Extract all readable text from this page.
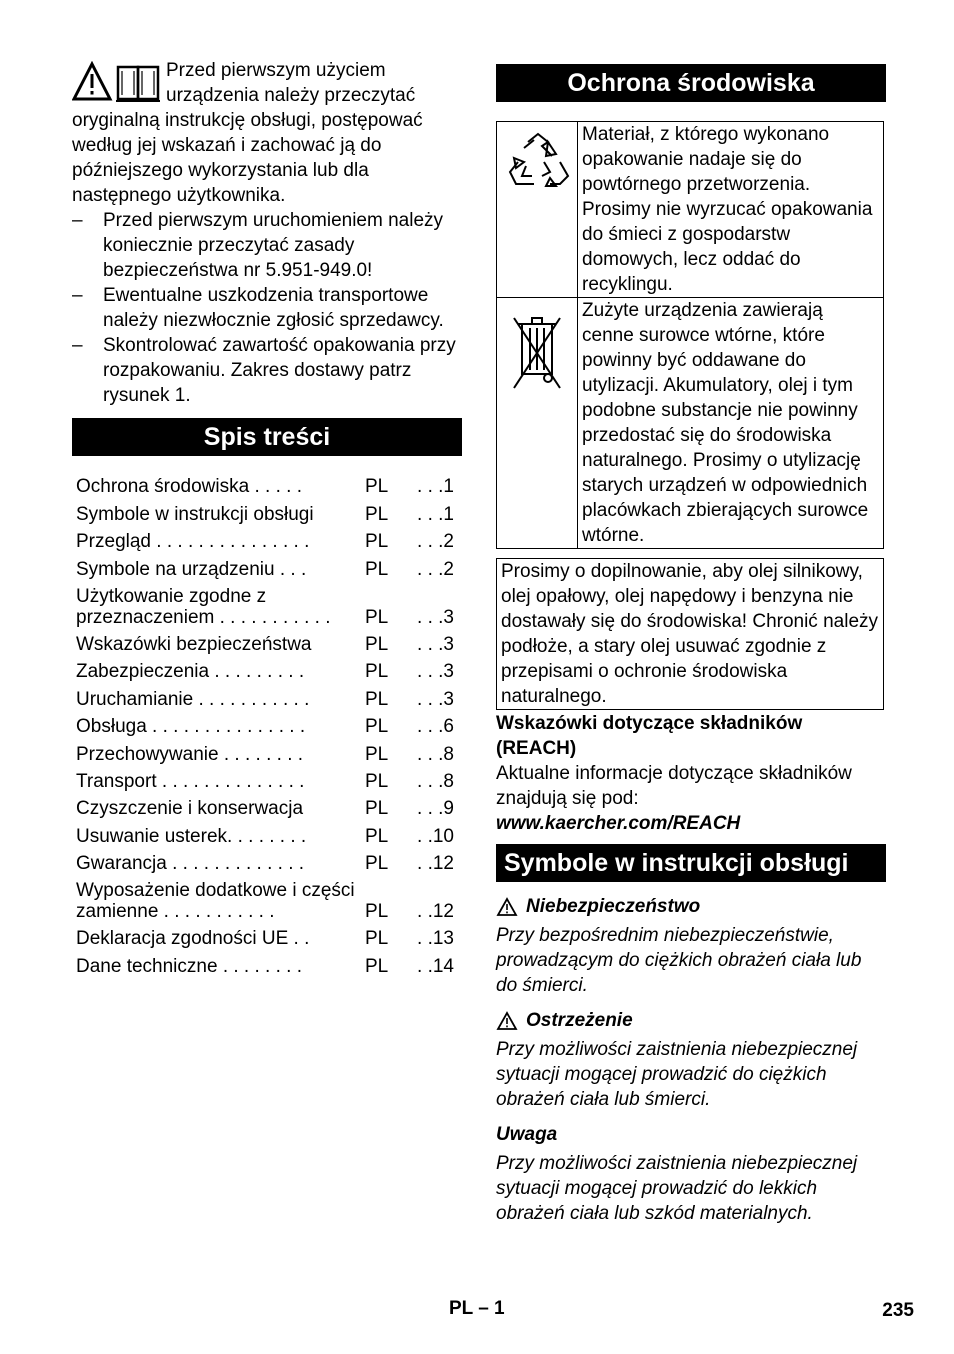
Przed pierwszym użyciem urządzenia należy przeczytać oryginalną instrukcję obsługi, postępować według jej wskazań i zachować ją do późniejszego wykorzystania lub dla następnego użytkownika.

– Przed pierwszym uruchomieniem należy koniecznie przeczytać zasady bezpieczeństwa nr 5.951-949.0!
– Ewentualne uszkodzenia transportowe należy niezwłocznie zgłosić sprzedawcy.
– Skontrolować zawartość opakowania przy rozpakowaniu. Zakres dostawy patrz rysunek 1.
Spis treści
Ochrona środowiska . . . . .	PL . . .1
Symbole w instrukcji obsługi	PL . . .1
Przegląd . . . . . . . . . . . . . . .	PL . . .2
Symbole na urządzeniu . . .	PL . . .2
Użytkowanie zgodne z przeznaczeniem . . . . . . . . . . .	PL . . .3
Wskazówki bezpieczeństwa	PL . . .3
Zabezpieczenia . . . . . . . . .	PL . . .3
Uruchamianie . . . . . . . . . . .	PL . . .3
Obsługa . . . . . . . . . . . . . . .	PL . . .6
Przechowywanie . . . . . . . .	PL . . .8
Transport . . . . . . . . . . . . . .	PL . . .8
Czyszczenie i konserwacja	PL . . .9
Usuwanie usterek. . . . . . . .	PL . .10
Gwarancja . . . . . . . . . . . . .	PL . .12
Wyposażenie dodatkowe i części zamienne . . . . . . . . . . .	PL . .12
Deklaracja zgodności UE . .	PL . .13
Dane techniczne . . . . . . . .	PL . .14
Ochrona środowiska
	Materiał, z którego wykonano opakowanie nadaje się do powtórnego przetworzenia. Prosimy nie wyrzucać opakowania do śmieci z gospodarstw domowych, lecz oddać do recyklingu.
	Zużyte urządzenia zawierają cenne surowce wtórne, które powinny być oddawane do utylizacji. Akumulatory, olej i tym podobne substancje nie powinny przedostać się do środowiska naturalnego. Prosimy o utylizację starych urządzeń w odpowiednich placówkach zbierających surowce wtórne.
Prosimy o dopilnowanie, aby olej silnikowy, olej opałowy, olej napędowy i benzyna nie dostawały się do środowiska! Chronić należy podłoże, a stary olej usuwać zgodnie z przepisami o ochronie środowiska naturalnego.
Wskazówki dotyczące składników (REACH)
Aktualne informacje dotyczące składników znajdują się pod:
www.kaercher.com/REACH
Symbole w instrukcji obsługi
Niebezpieczeństwo
Przy bezpośrednim niebezpieczeństwie, prowadzącym do ciężkich obrażeń ciała lub do śmierci.
Ostrzeżenie
Przy możliwości zaistnienia niebezpiecznej sytuacji mogącej prowadzić do ciężkich obrażeń ciała lub śmierci.
Uwaga
Przy możliwości zaistnienia niebezpiecznej sytuacji mogącej prowadzić do lekkich obrażeń ciała lub szkód materialnych.
PL – 1	235
